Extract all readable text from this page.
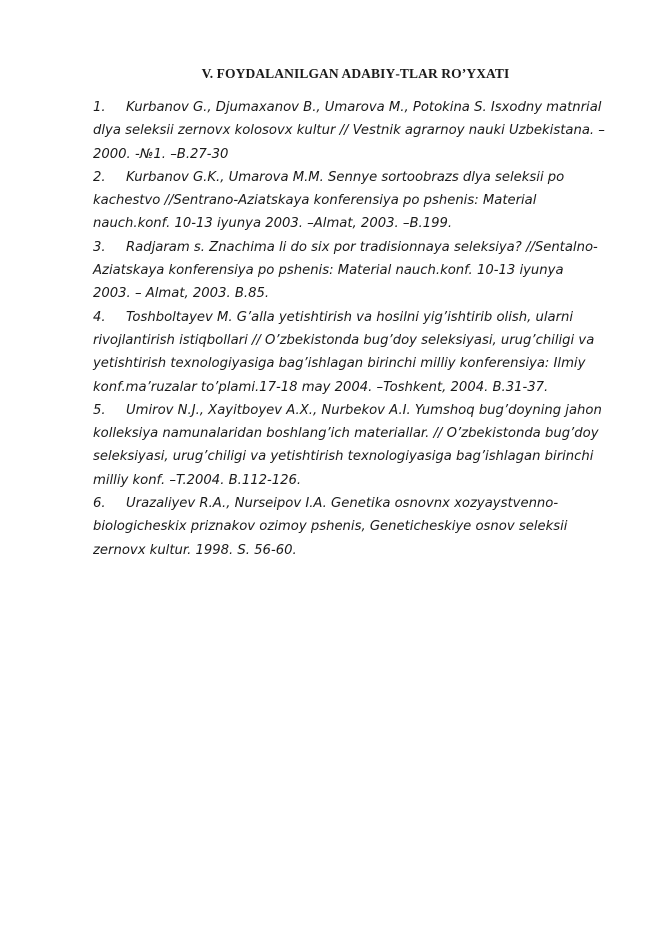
V. FOYDALANILGAN ADABIY‑TLAR RO’YXATI

1. Kurbanov G., Djumaxanov B., Umarova M., Potokina S. Isxodny matnrial dlya seleksii zernovx kolosovx kultur // Vestnik agrarnoy nauki Uzbekistana. – 2000. -№1. –B.27-30

2. Kurbanov G.K., Umarova M.M. Sennye sortoobrazs dlya seleksii po kachestvo //Sentrano-Aziatskaya konferensiya po pshenis: Material nauch.konf. 10-13 iyunya 2003. –Almat, 2003. –B.199.

3. Radjaram s. Znachima li do six por tradisionnaya seleksiya? //Sentalno-Aziatskaya konferensiya po pshenis: Material nauch.konf. 10-13 iyunya 2003. – Almat, 2003. B.85.

4. Toshboltayev M. G’alla yetishtirish va hosilni yig’ishtirib olish, ularni rivojlantirish istiqbollari // O’zbekistonda bug’doy seleksiyasi, urug’chiligi va yetishtirish texnologiyasiga bag’ishlagan birinchi milliy konferensiya: Ilmiy konf.ma’ruzalar to’plami.17-18 may 2004. –Toshkent, 2004. B.31-37.

5. Umirov N.J., Xayitboyev A.X., Nurbekov A.I. Yumshoq bug’doyning jahon kolleksiya namunalaridan boshlang’ich materiallar. // O’zbekistonda bug’doy seleksiyasi, urug’chiligi va yetishtirish texnologiyasiga bag’ishlagan birinchi milliy konf. –T.2004. B.112-126.

6. Urazaliyev R.A., Nurseipov I.A. Genetika osnovnx xozyaystvenno-biologicheskix priznakov ozimoy pshenis, Geneticheskiye osnov seleksii zernovx kultur. 1998. S. 56-60.
